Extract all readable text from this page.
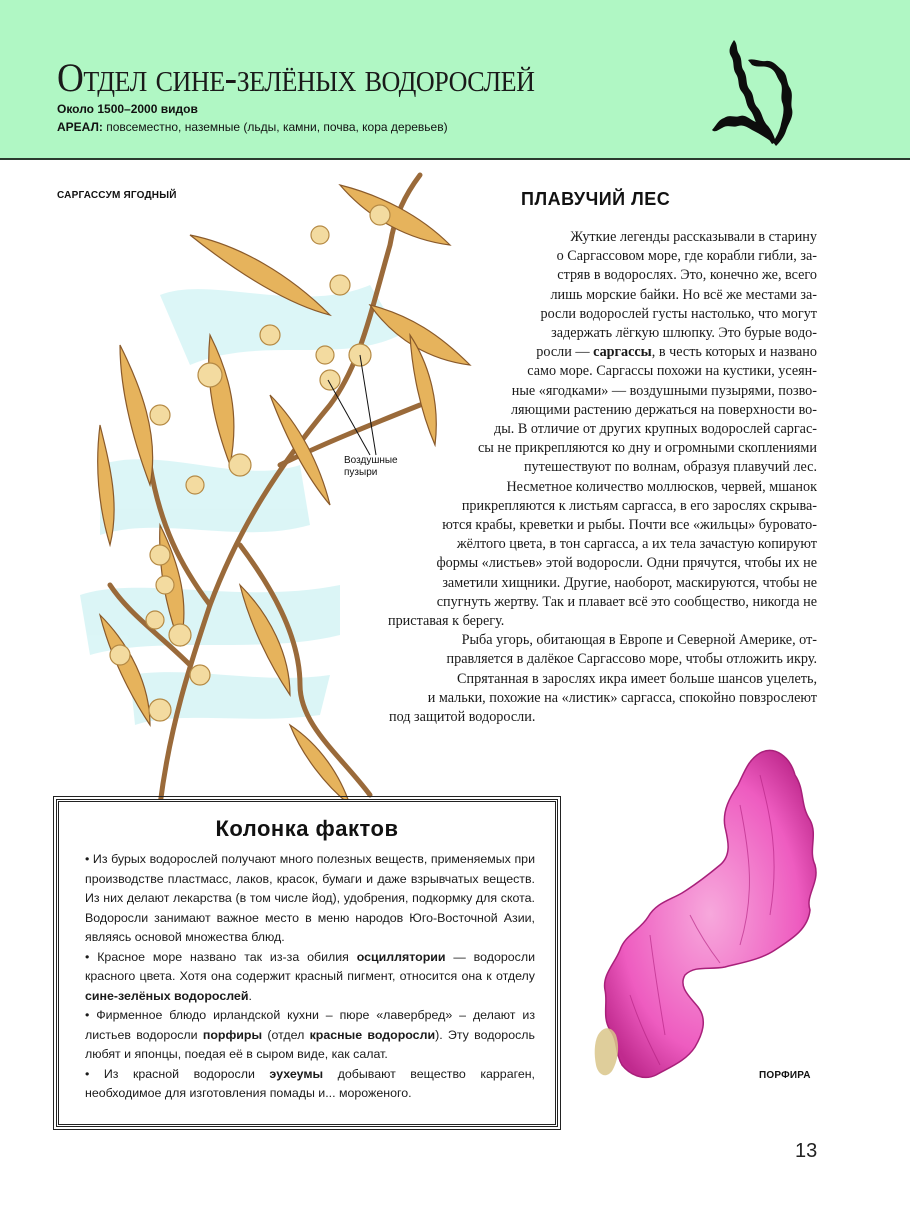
Отдел сине-зелёных водорослей
Около 1500–2000 видов
АРЕАЛ: повсеместно, наземные (льды, камни, почва, кора деревьев)
САРГАССУМ ЯГОДНЫЙ
Воздушные
пузыри
ПЛАВУЧИЙ ЛЕС
Жуткие легенды рассказывали в старину
о Саргассовом море, где корабли гибли, за-
стряв в водорослях. Это, конечно же, всего
лишь морские байки. Но всё же местами за-
росли водорослей густы настолько, что могут
задержать лёгкую шлюпку. Это бурые водо-
росли — саргассы, в честь которых и названо
само море. Саргассы похожи на кустики, усеян-
ные «ягодками» — воздушными пузырями, позво-
ляющими растению держаться на поверхности во-
ды. В отличие от других крупных водорослей саргас-
сы не прикрепляются ко дну и огромными скоплениями
путешествуют по волнам, образуя плавучий лес.
Несметное количество моллюсков, червей, мшанок
прикрепляются к листьям саргасса, в его зарослях скрыва-
ются крабы, креветки и рыбы. Почти все «жильцы» буровато-
жёлтого цвета, в тон саргасса, а их тела зачастую копируют
формы «листьев» этой водоросли. Одни прячутся, чтобы их не
заметили хищники. Другие, наоборот, маскируются, чтобы не
спугнуть жертву. Так и плавает всё это сообщество, никогда не
приставая к берегу.
Рыба угорь, обитающая в Европе и Северной Америке, от-
правляется в далёкое Саргассово море, чтобы отложить икру.
Спрятанная в зарослях икра имеет больше шансов уцелеть,
и мальки, похожие на «листик» саргасса, спокойно повзрослеют
под защитой водоросли.
Колонка фактов

• Из бурых водорослей получают много полезных веществ, применяемых при производстве пластмасс, лаков, красок, бумаги и даже взрывчатых веществ. Из них делают лекарства (в том числе йод), удобрения, подкормку для скота. Водоросли занимают важное место в меню народов Юго-Восточной Азии, являясь основой множества блюд.

• Красное море названо так из-за обилия осциллятории — водоросли красного цвета. Хотя она содержит красный пигмент, относится она к отделу сине-зелёных водорослей.

• Фирменное блюдо ирландской кухни – пюре «лавербред» – делают из листьев водоросли порфиры (отдел красные водоросли). Эту водоросль любят и японцы, поедая её в сыром виде, как салат.

• Из красной водоросли эухеумы добывают вещество карраген, необходимое для изготовления помады и... мороженого.

ПОРФИРА
13
